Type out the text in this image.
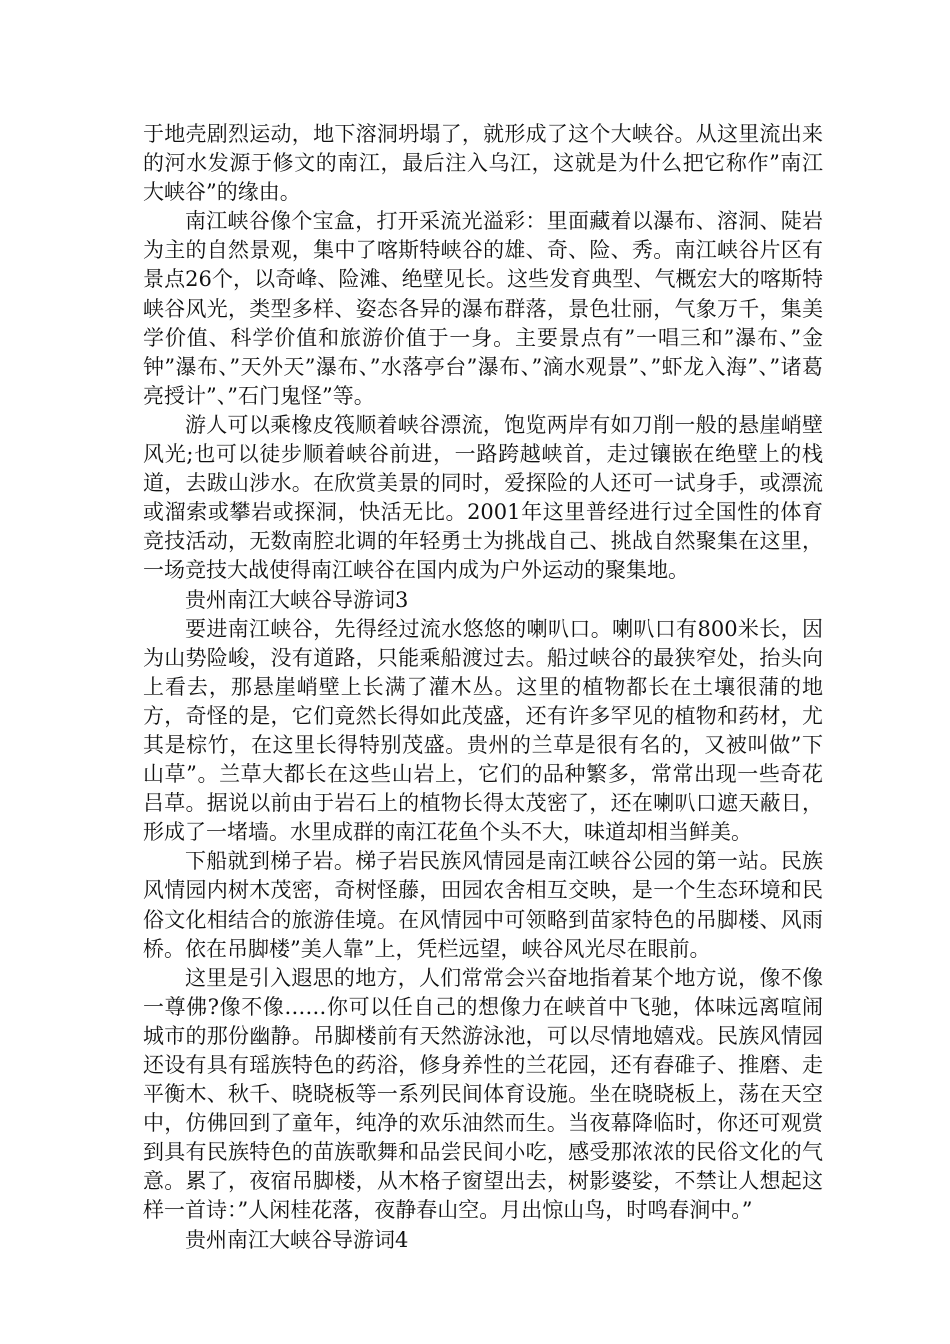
于地壳剧烈运动，地下溶洞坍塌了，就形成了这个大峡谷。从这里流出来的河水发源于修文的南江，最后注入乌江，这就是为什么把它称作”南江大峡谷”的缘由。

南江峡谷像个宝盒，打开采流光溢彩：里面藏着以瀑布、溶洞、陡岩为主的自然景观，集中了喀斯特峡谷的雄、奇、险、秀。南江峡谷片区有景点26个，以奇峰、险滩、绝壁见长。这些发育典型、气概宏大的喀斯特峡谷风光，类型多样、姿态各异的瀑布群落，景色壮丽，气象万千，集美学价值、科学价值和旅游价值于一身。主要景点有”一唱三和”瀑布、”金钟”瀑布、”天外天”瀑布、”水落亭台”瀑布、”滴水观景”、”虾龙入海”、”诸葛亮授计”、”石门鬼怪”等。

游人可以乘橡皮筏顺着峡谷漂流，饱览两岸有如刀削一般的悬崖峭壁风光;也可以徒步顺着峡谷前进，一路跨越峡首，走过镶嵌在绝壁上的栈道，去跋山涉水。在欣赏美景的同时，爱探险的人还可一试身手，或漂流或溜索或攀岩或探洞，快活无比。2001年这里普经进行过全国性的体育竞技活动，无数南腔北调的年轻勇士为挑战自己、挑战自然聚集在这里，一场竞技大战使得南江峡谷在国内成为户外运动的聚集地。

贵州南江大峡谷导游词3

要进南江峡谷，先得经过流水悠悠的喇叭口。喇叭口有800米长，因为山势险峻，没有道路，只能乘船渡过去。船过峡谷的最狭窄处，抬头向上看去，那悬崖峭壁上长满了灌木丛。这里的植物都长在土壤很蒲的地方，奇怪的是，它们竟然长得如此茂盛，还有许多罕见的植物和药材，尤其是棕竹，在这里长得特别茂盛。贵州的兰草是很有名的，又被叫做”下山草”。兰草大都长在这些山岩上，它们的品种繁多，常常出现一些奇花吕草。据说以前由于岩石上的植物长得太茂密了，还在喇叭口遮天蔽日，形成了一堵墙。水里成群的南江花鱼个头不大，味道却相当鲜美。

下船就到梯子岩。梯子岩民族风情园是南江峡谷公园的第一站。民族风情园内树木茂密，奇树怪藤，田园农舍相互交映，是一个生态环境和民俗文化相结合的旅游佳境。在风情园中可领略到苗家特色的吊脚楼、风雨桥。依在吊脚楼”美人靠”上，凭栏远望，峡谷风光尽在眼前。

这里是引入遐思的地方，人们常常会兴奋地指着某个地方说，像不像一尊佛?像不像……你可以任自己的想像力在峡首中飞驰，体味远离喧闹城市的那份幽静。吊脚楼前有天然游泳池，可以尽情地嬉戏。民族风情园还设有具有瑶族特色的药浴，修身养性的兰花园，还有舂碓子、推磨、走平衡木、秋千、晓晓板等一系列民间体育设施。坐在晓晓板上，荡在天空中，仿佛回到了童年，纯净的欢乐油然而生。当夜幕降临时，你还可观赏到具有民族特色的苗族歌舞和品尝民间小吃，感受那浓浓的民俗文化的气意。累了，夜宿吊脚楼，从木格子窗望出去，树影婆娑，不禁让人想起这样一首诗：”人闲桂花落，夜静春山空。月出惊山鸟，时鸣春涧中。”

贵州南江大峡谷导游词4
